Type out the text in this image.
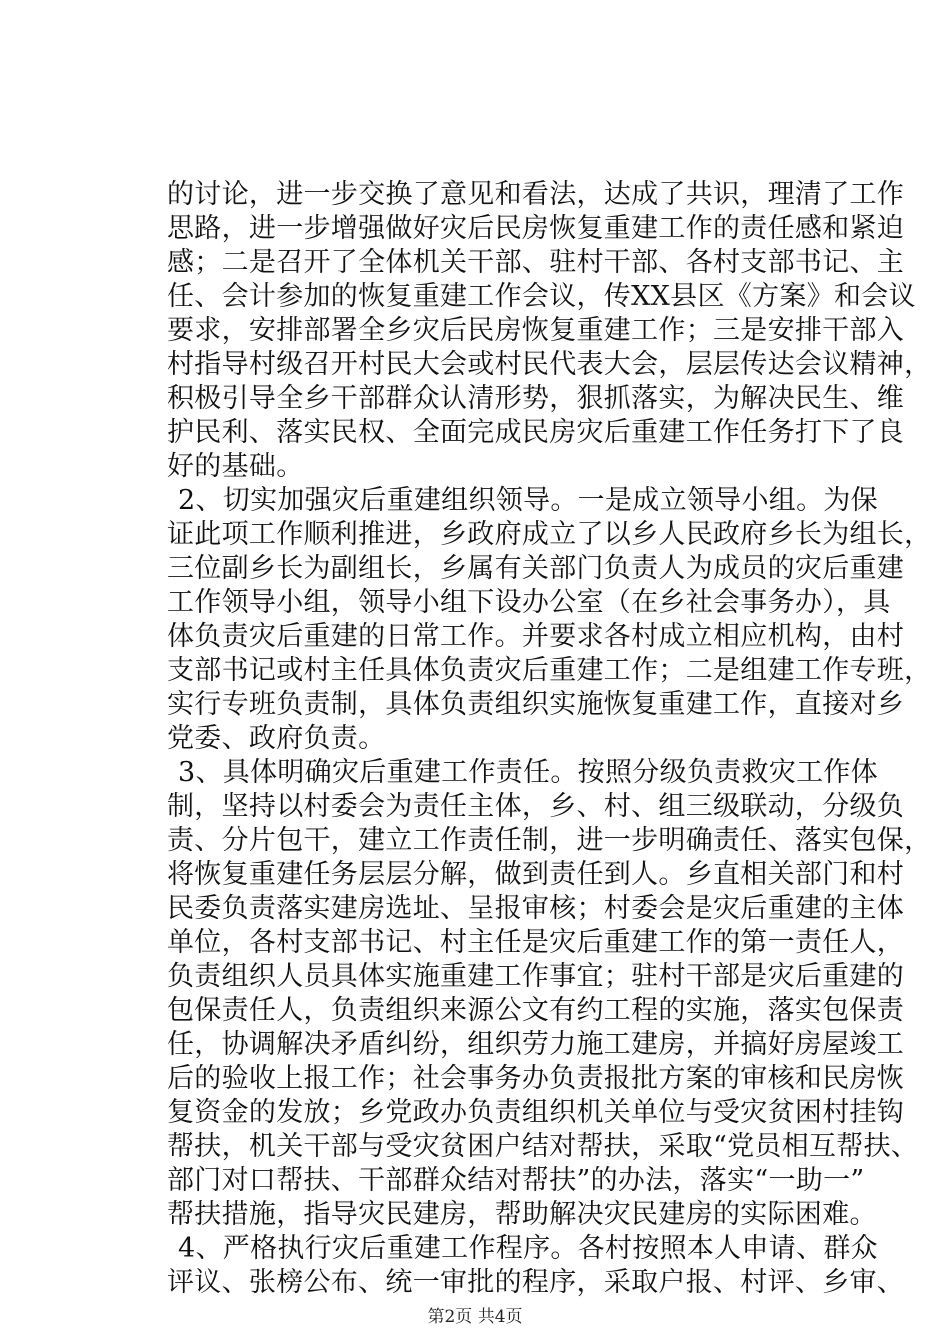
的讨论，进一步交换了意见和看法，达成了共识，理清了工作
思路，进一步增强做好灾后民房恢复重建工作的责任感和紧迫
感；二是召开了全体机关干部、驻村干部、各村支部书记、主
任、会计参加的恢复重建工作会议，传XX县区《方案》和会议
要求，安排部署全乡灾后民房恢复重建工作；三是安排干部入
村指导村级召开村民大会或村民代表大会，层层传达会议精神，
积极引导全乡干部群众认清形势，狠抓落实，为解决民生、维
护民利、落实民权、全面完成民房灾后重建工作任务打下了良
好的基础。
2、切实加强灾后重建组织领导。一是成立领导小组。为保
证此项工作顺利推进，乡政府成立了以乡人民政府乡长为组长，
三位副乡长为副组长，乡属有关部门负责人为成员的灾后重建
工作领导小组，领导小组下设办公室（在乡社会事务办），具
体负责灾后重建的日常工作。并要求各村成立相应机构，由村
支部书记或村主任具体负责灾后重建工作；二是组建工作专班，
实行专班负责制，具体负责组织实施恢复重建工作，直接对乡
党委、政府负责。
3、具体明确灾后重建工作责任。按照分级负责救灾工作体
制，坚持以村委会为责任主体，乡、村、组三级联动，分级负
责、分片包干，建立工作责任制，进一步明确责任、落实包保，
将恢复重建任务层层分解，做到责任到人。乡直相关部门和村
民委负责落实建房选址、呈报审核；村委会是灾后重建的主体
单位，各村支部书记、村主任是灾后重建工作的第一责任人，
负责组织人员具体实施重建工作事宜；驻村干部是灾后重建的
包保责任人，负责组织来源公文有约工程的实施，落实包保责
任，协调解决矛盾纠纷，组织劳力施工建房，并搞好房屋竣工
后的验收上报工作；社会事务办负责报批方案的审核和民房恢
复资金的发放；乡党政办负责组织机关单位与受灾贫困村挂钩
帮扶，机关干部与受灾贫困户结对帮扶，采取“党员相互帮扶、
部门对口帮扶、干部群众结对帮扶”的办法，落实“一助一”
帮扶措施，指导灾民建房，帮助解决灾民建房的实际困难。
4、严格执行灾后重建工作程序。各村按照本人申请、群众
评议、张榜公布、统一审批的程序，采取户报、村评、乡审、
第2页 共4页
